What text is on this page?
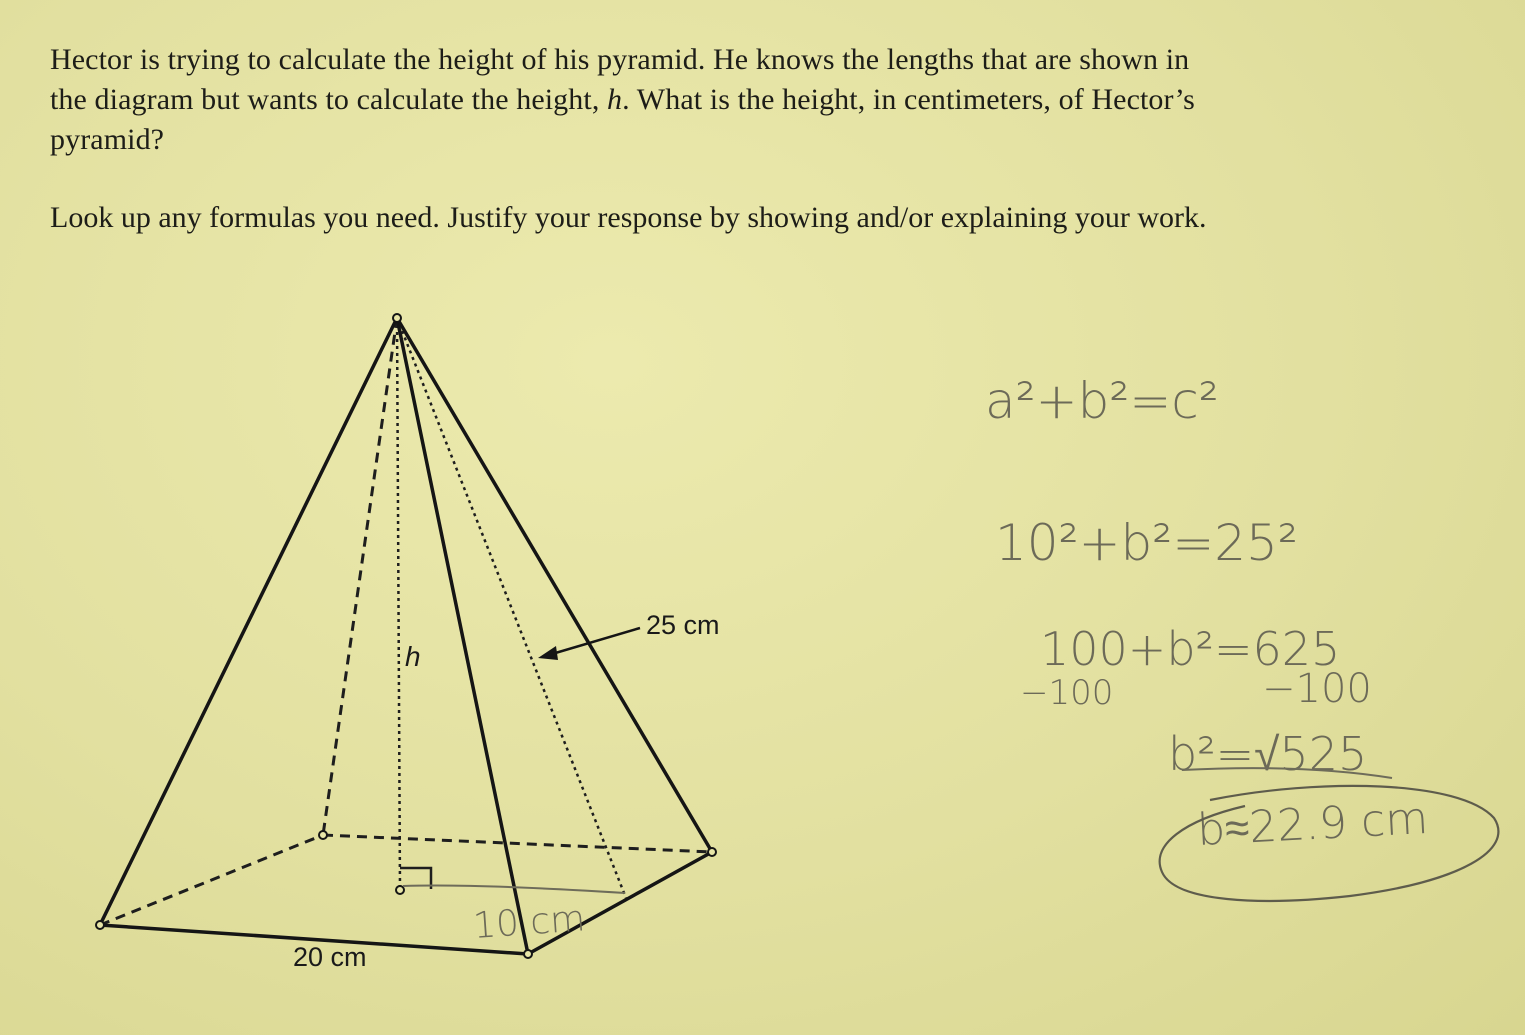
Hector is trying to calculate the height of his pyramid. He knows the lengths that are shown in

the diagram but wants to calculate the height, h. What is the height, in centimeters, of Hector’s

pyramid?

Look up any formulas you need. Justify your response by showing and/or explaining your work.
h
25 cm
20 cm
10 cm
a²+b²=c²
10²+b²=25²
100+b²=625
−100	−100
b²=√525
b≈22.9 cm
